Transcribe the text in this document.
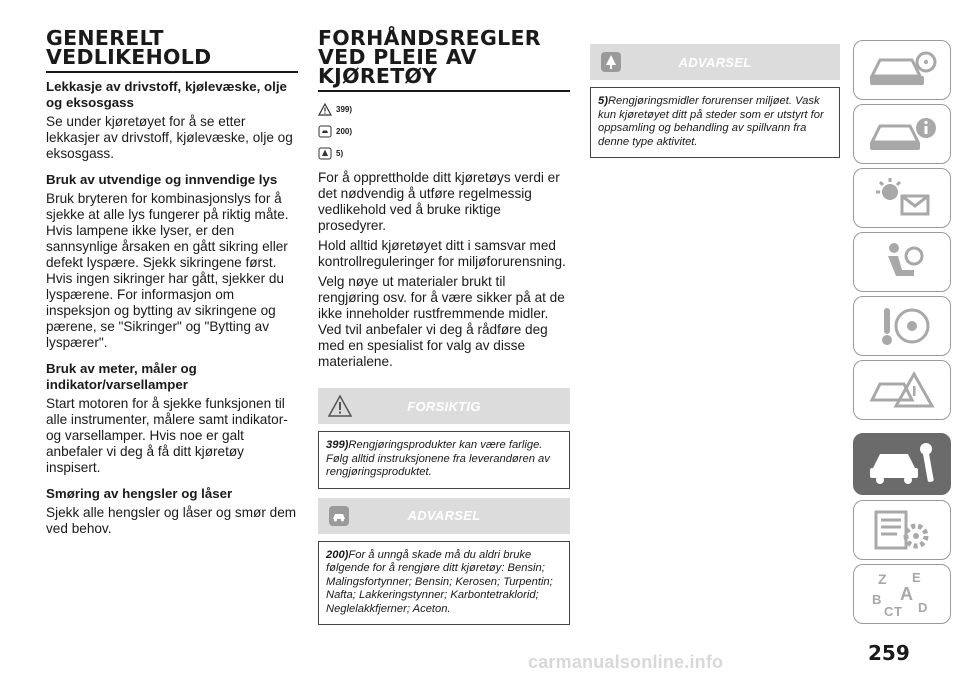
GENERELT VEDLIKEHOLD
Lekkasje av drivstoff, kjølevæske, olje og eksosgass
Se under kjøretøyet for å se etter lekkasjer av drivstoff, kjølevæske, olje og eksosgass.
Bruk av utvendige og innvendige lys
Bruk bryteren for kombinasjonslys for å sjekke at alle lys fungerer på riktig måte. Hvis lampene ikke lyser, er den sannsynlige årsaken en gått sikring eller defekt lyspære. Sjekk sikringene først. Hvis ingen sikringer har gått, sjekker du lyspærene. For informasjon om inspeksjon og bytting av sikringene og pærene, se "Sikringer" og "Bytting av lyspærer".
Bruk av meter, måler og indikator/varsellamper
Start motoren for å sjekke funksjonen til alle instrumenter, målere samt indikator- og varsellamper. Hvis noe er galt anbefaler vi deg å få ditt kjøretøy inspisert.
Smøring av hengsler og låser
Sjekk alle hengsler og låser og smør dem ved behov.
FORHÅNDSREGLER VED PLEIE AV KJØRETØY
399)
200)
5)
For å opprettholde ditt kjøretøys verdi er det nødvendig å utføre regelmessig vedlikehold ved å bruke riktige prosedyrer.
Hold alltid kjøretøyet ditt i samsvar med kontrollreguleringer for miljøforurensning.
Velg nøye ut materialer brukt til rengjøring osv. for å være sikker på at de ikke inneholder rustfremmende midler. Ved tvil anbefaler vi deg å rådføre deg med en spesialist for valg av disse materialene.
FORSIKTIG
399)Rengjøringsprodukter kan være farlige. Følg alltid instruksjonene fra leverandøren av rengjøringsproduktet.
ADVARSEL
200)For å unngå skade må du aldri bruke følgende for å rengjøre ditt kjøretøy: Bensin; Malingsfortynner; Bensin; Kerosen; Turpentin; Nafta; Lakkeringstynner; Karbontetraklorid; Neglelakkfjerner; Aceton.
ADVARSEL
5)Rengjøringsmidler forurenser miljøet. Vask kun kjøretøyet ditt på steder som er utstyrt for oppsamling og behandling av spillvann fra denne type aktivitet.
Z E
A
B
C T D
259
carmanualsonline.info
